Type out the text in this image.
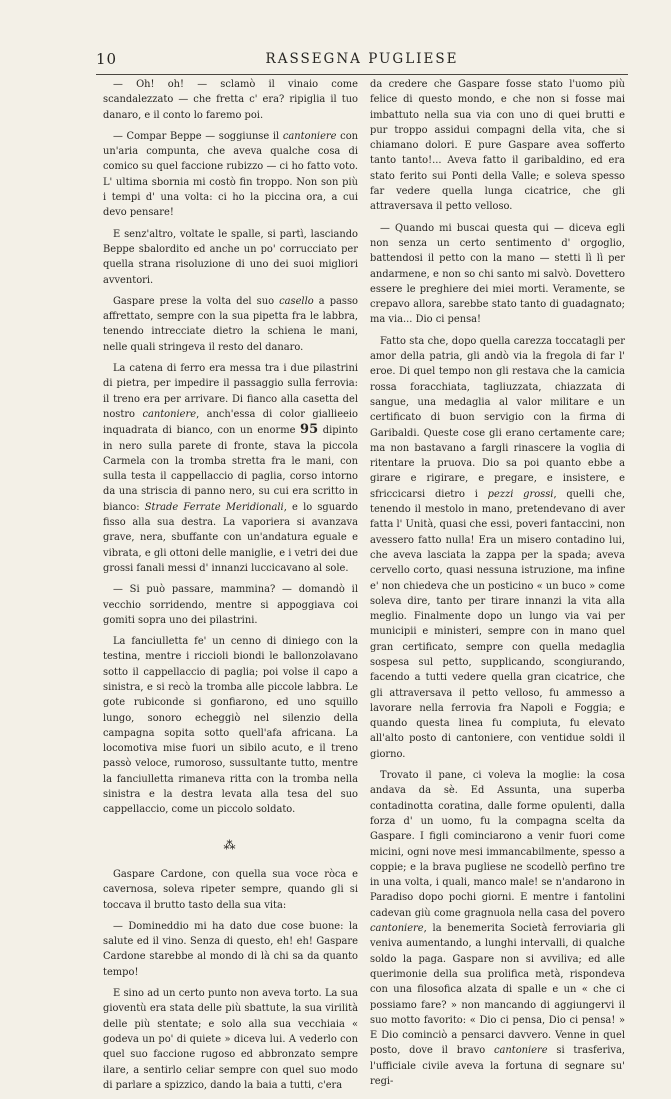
10	RASSEGNA PUGLIESE

— Oh! oh! — sclamò il vinaio come scandalezzato — che fretta c' era? ripiglia il tuo danaro, e il conto lo faremo poi.

— Compar Beppe — soggiunse il cantoniere con un'aria compunta, che aveva qualche cosa di comico su quel faccione rubizzo — ci ho fatto voto. L' ultima sbornia mi costò fin troppo. Non son più i tempi d' una volta: ci ho la piccina ora, a cui devo pensare!

E senz'altro, voltate le spalle, si partì, lasciando Beppe sbalordito ed anche un po' corrucciato per quella strana risoluzione di uno dei suoi migliori avventori.

Gaspare prese la volta del suo casello a passo affrettato, sempre con la sua pipetta fra le labbra, tenendo intrecciate dietro la schiena le mani, nelle quali stringeva il resto del danaro.

La catena di ferro era messa tra i due pilastrini di pietra, per impedire il passaggio sulla ferrovia: il treno era per arrivare. Di fianco alla casetta del nostro cantoniere, anch'essa di color giallieeio inquadrata di bianco, con un enorme 95 dipinto in nero sulla parete di fronte, stava la piccola Carmela con la tromba stretta fra le mani, con sulla testa il cappellaccio di paglia, corso intorno da una striscia di panno nero, su cui era scritto in bianco: Strade Ferrate Meridionali, e lo sguardo fisso alla sua destra. La vaporiera si avanzava grave, nera, sbuffante con un'andatura eguale e vibrata, e gli ottoni delle maniglie, e i vetri dei due grossi fanali messi d' innanzi luccicavano al sole.

— Si può passare, mammina? — domandò il vecchio sorridendo, mentre si appoggiava coi gomiti sopra uno dei pilastrini.

La fanciulletta fe' un cenno di diniego con la testina, mentre i riccioli biondi le ballonzolavano sotto il cappellaccio di paglia; poi volse il capo a sinistra, e si recò la tromba alle piccole labbra. Le gote rubiconde si gonfiarono, ed uno squillo lungo, sonoro echeggiò nel silenzio della campagna sopita sotto quell'afa africana. La locomotiva mise fuori un sibilo acuto, e il treno passò veloce, rumoroso, sussultante tutto, mentre la fanciulletta rimaneva ritta con la tromba nella sinistra e la destra levata alla tesa del suo cappellaccio, come un piccolo soldato.

⁂

Gaspare Cardone, con quella sua voce ròca e cavernosa, soleva ripeter sempre, quando gli si toccava il brutto tasto della sua vita:

— Domineddio mi ha dato due cose buone: la salute ed il vino. Senza di questo, eh! eh! Gaspare Cardone starebbe al mondo di là chi sa da quanto tempo!

E sino ad un certo punto non aveva torto. La sua gioventù era stata delle più sbattute, la sua virilità delle più stentate; e solo alla sua vecchiaia « godeva un po' di quiete » diceva lui. A vederlo con quel suo faccione rugoso ed abbronzato sempre ilare, a sentirlo celiar sempre con quel suo modo di parlare a spizzico, dando la baia a tutti, c'era

da credere che Gaspare fosse stato l'uomo più felice di questo mondo, e che non si fosse mai imbattuto nella sua via con uno di quei brutti e pur troppo assidui compagni della vita, che si chiamano dolori. E pure Gaspare avea sofferto tanto tanto!... Aveva fatto il garibaldino, ed era stato ferito sui Ponti della Valle; e soleva spesso far vedere quella lunga cicatrice, che gli attraversava il petto velloso.

— Quando mi buscai questa qui — diceva egli non senza un certo sentimento d' orgoglio, battendosi il petto con la mano — stetti lì lì per andarmene, e non so chi santo mi salvò. Dovettero essere le preghiere dei miei morti. Veramente, se crepavo allora, sarebbe stato tanto di guadagnato; ma via... Dio ci pensa!

Fatto sta che, dopo quella carezza toccatagli per amor della patria, gli andò via la fregola di far l' eroe. Di quel tempo non gli restava che la camicia rossa foracchiata, tagliuzzata, chiazzata di sangue, una medaglia al valor militare e un certificato di buon servigio con la firma di Garibaldi. Queste cose gli erano certamente care; ma non bastavano a fargli rinascere la voglia di ritentare la pruova. Dio sa poi quanto ebbe a girare e rigirare, e pregare, e insistere, e sfriccicarsi dietro i pezzi grossi, quelli che, tenendo il mestolo in mano, pretendevano di aver fatta l' Unità, quasi che essi, poveri fantaccini, non avessero fatto nulla! Era un misero contadino lui, che aveva lasciata la zappa per la spada; aveva cervello corto, quasi nessuna istruzione, ma infine e' non chiedeva che un posticino « un buco » come soleva dire, tanto per tirare innanzi la vita alla meglio. Finalmente dopo un lungo via vai per municipii e ministeri, sempre con in mano quel gran certificato, sempre con quella medaglia sospesa sul petto, supplicando, scongiurando, facendo a tutti vedere quella gran cicatrice, che gli attraversava il petto velloso, fu ammesso a lavorare nella ferrovia fra Napoli e Foggia; e quando questa linea fu compiuta, fu elevato all'alto posto di cantoniere, con ventidue soldi il giorno.

Trovato il pane, ci voleva la moglie: la cosa andava da sè. Ed Assunta, una superba contadinotta coratina, dalle forme opulenti, dalla forza d' un uomo, fu la compagna scelta da Gaspare. I figli cominciarono a venir fuori come micini, ogni nove mesi immancabilmente, spesso a coppie; e la brava pugliese ne scodellò perfino tre in una volta, i quali, manco male! se n'andarono in Paradiso dopo pochi giorni. E mentre i fantolini cadevan giù come gragnuola nella casa del povero cantoniere, la benemerita Società ferroviaria gli veniva aumentando, a lunghi intervalli, di qualche soldo la paga. Gaspare non si avviliva; ed alle querimonie della sua prolifica metà, rispondeva con una filosofica alzata di spalle e un « che ci possiamo fare? » non mancando di aggiungervi il suo motto favorito: « Dio ci pensa, Dio ci pensa! » E Dio cominciò a pensarci davvero. Venne in quel posto, dove il bravo cantoniere si trasferiva, l'ufficiale civile aveva la fortuna di segnare su' regi-
